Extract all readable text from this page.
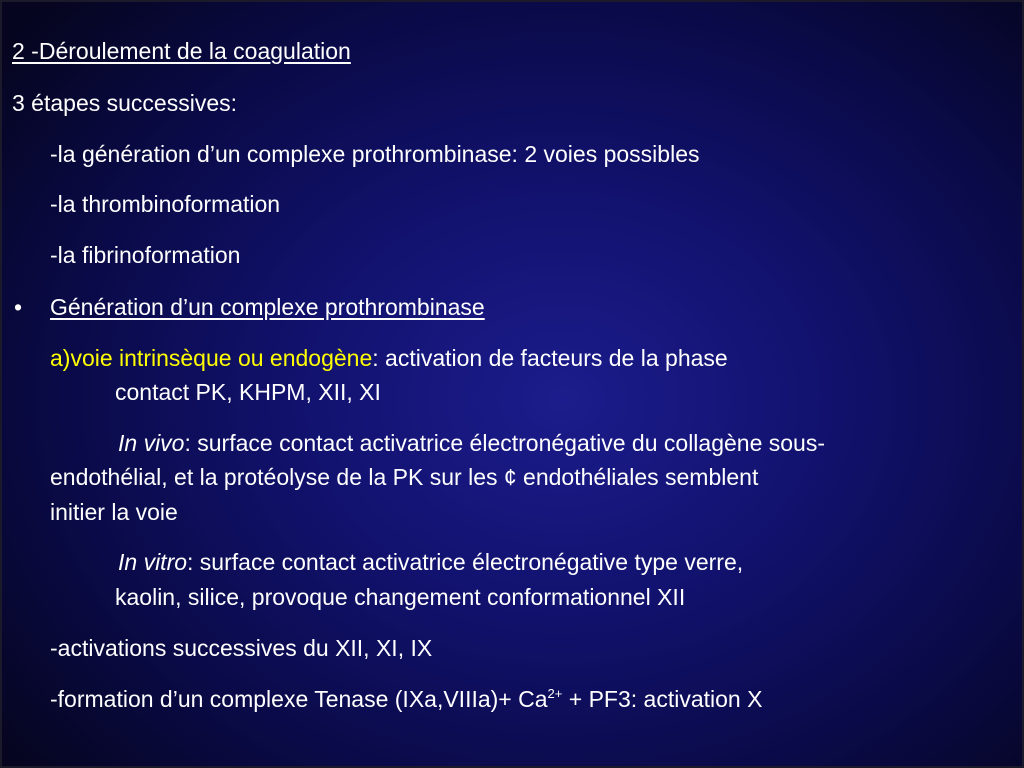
2 -Déroulement de la coagulation
3 étapes successives:
-la génération d’un complexe prothrombinase: 2 voies possibles
-la thrombinoformation
-la fibrinoformation
• Génération d’un complexe prothrombinase
a)voie intrinsèque ou endogène: activation de facteurs de la phase
contact PK, KHPM, XII, XI
In vivo: surface contact activatrice électronégative du collagène sous-
endothélial, et la protéolyse de la PK sur les ¢ endothéliales semblent
initier la voie
In vitro: surface contact activatrice électronégative type verre,
kaolin, silice, provoque changement conformationnel XII
-activations successives du XII, XI, IX
-formation d’un complexe Tenase (IXa,VIIIa)+ $Ca^{2+} + PF3$: activation X
